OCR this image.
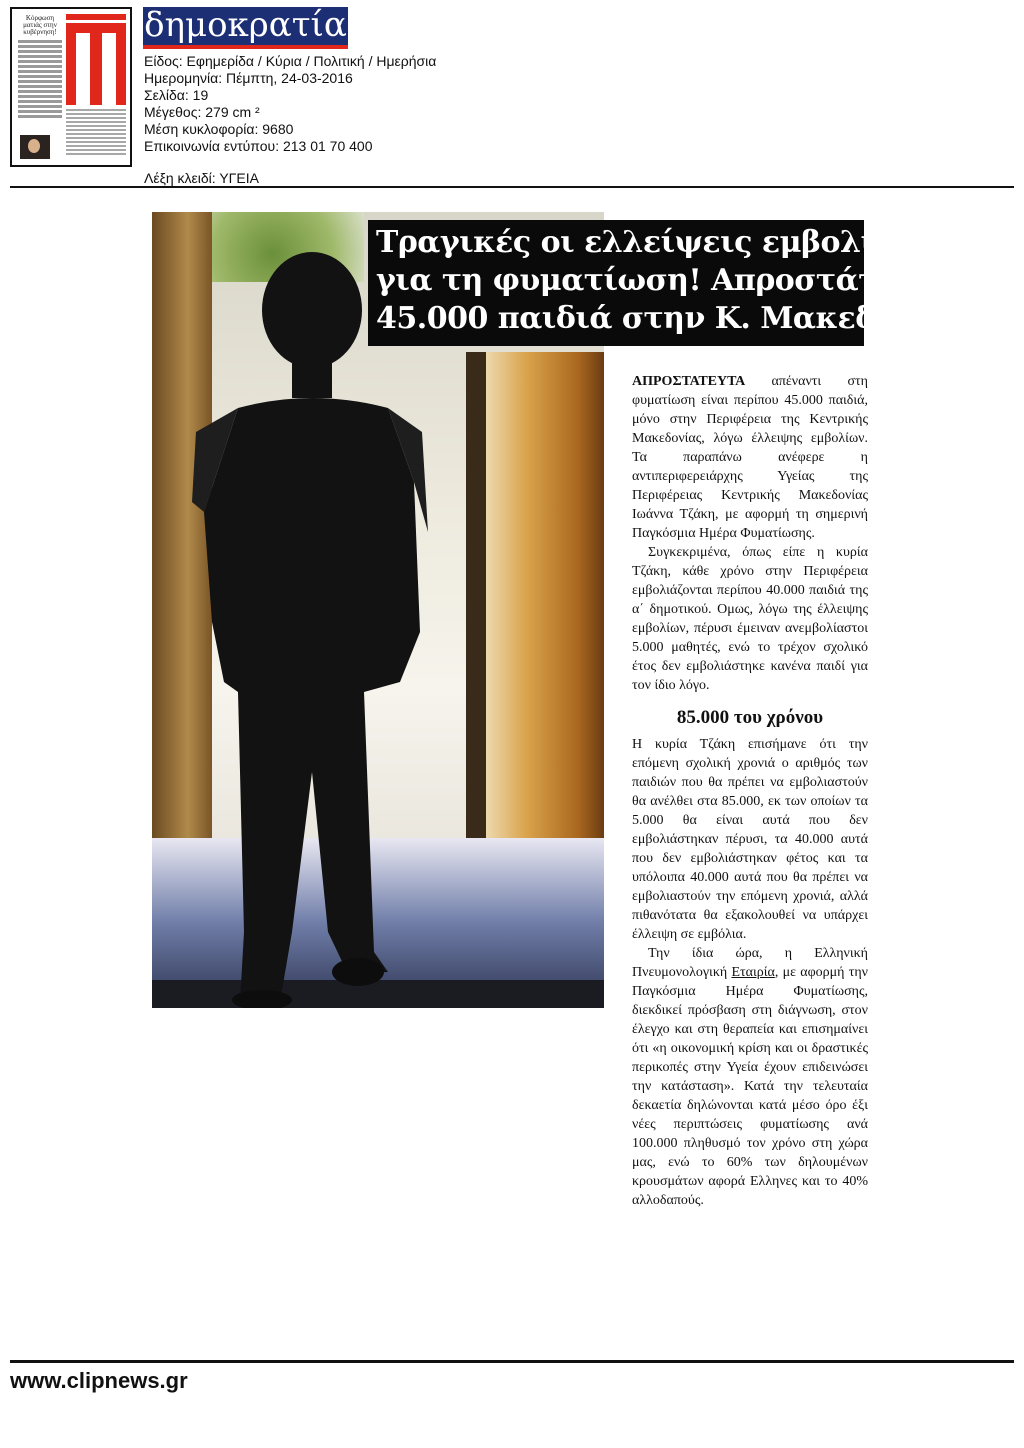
Κόρφωση ματιάς στην κυβέρνηση!	δημοκρατία
Είδος: Εφημερίδα / Κύρια / Πολιτική / Ημερήσια
Ημερομηνία: Πέμπτη, 24-03-2016
Σελίδα: 19
Μέγεθος: 279 cm ²
Μέση κυκλοφορία: 9680
Επικοινωνία εντύπου: 213 01 70 400
Λέξη κλειδί: ΥΓΕΙΑ
Τραγικές οι ελλείψεις εμβολίων
για τη φυματίωση! Απροστάτευτα
45.000 παιδιά στην Κ. Μακεδονία

ΑΠΡΟΣΤΑΤΕΥΤΑ απέναντι στη φυματίωση είναι περίπου 45.000 παιδιά, μόνο στην Περιφέρεια της Κεντρικής Μακεδονίας, λόγω έλλειψης εμβολίων. Τα παραπάνω ανέφερε η αντιπεριφερειάρχης Υγείας της Περιφέρειας Κεντρικής Μακεδονίας Ιωάννα Τζάκη, με αφορμή τη σημερινή Παγκόσμια Ημέρα Φυματίωσης.

Συγκεκριμένα, όπως είπε η κυρία Τζάκη, κάθε χρόνο στην Περιφέρεια εμβολιάζονται περίπου 40.000 παιδιά της α΄ δημοτικού. Ομως, λόγω της έλλειψης εμβολίων, πέρυσι έμειναν ανεμβολίαστοι 5.000 μαθητές, ενώ το τρέχον σχολικό έτος δεν εμβολιάστηκε κανένα παιδί για τον ίδιο λόγο.

85.000 του χρόνου

Η κυρία Τζάκη επισήμανε ότι την επόμενη σχολική χρονιά ο αριθμός των παιδιών που θα πρέπει να εμβολιαστούν θα ανέλθει στα 85.000, εκ των οποίων τα 5.000 θα είναι αυτά που δεν εμβολιάστηκαν πέρυσι, τα 40.000 αυτά που δεν εμβολιάστηκαν φέτος και τα υπόλοιπα 40.000 αυτά που θα πρέπει να εμβολιαστούν την επόμενη χρονιά, αλλά πιθανότατα θα εξακολουθεί να υπάρχει έλλειψη σε εμβόλια.

Την ίδια ώρα, η Ελληνική Πνευμονολογική Εταιρία, με αφορμή την Παγκόσμια Ημέρα Φυματίωσης, διεκδικεί πρόσβαση στη διάγνωση, στον έλεγχο και στη θεραπεία και επισημαίνει ότι «η οικονομική κρίση και οι δραστικές περικοπές στην Υγεία έχουν επιδεινώσει την κατάσταση». Κατά την τελευταία δεκαετία δηλώνονται κατά μέσο όρο έξι νέες περιπτώσεις φυματίωσης ανά 100.000 πληθυσμό τον χρόνο στη χώρα μας, ενώ το 60% των δηλουμένων κρουσμάτων αφορά Ελληνες και το 40% αλλοδαπούς.

www.clipnews.gr
